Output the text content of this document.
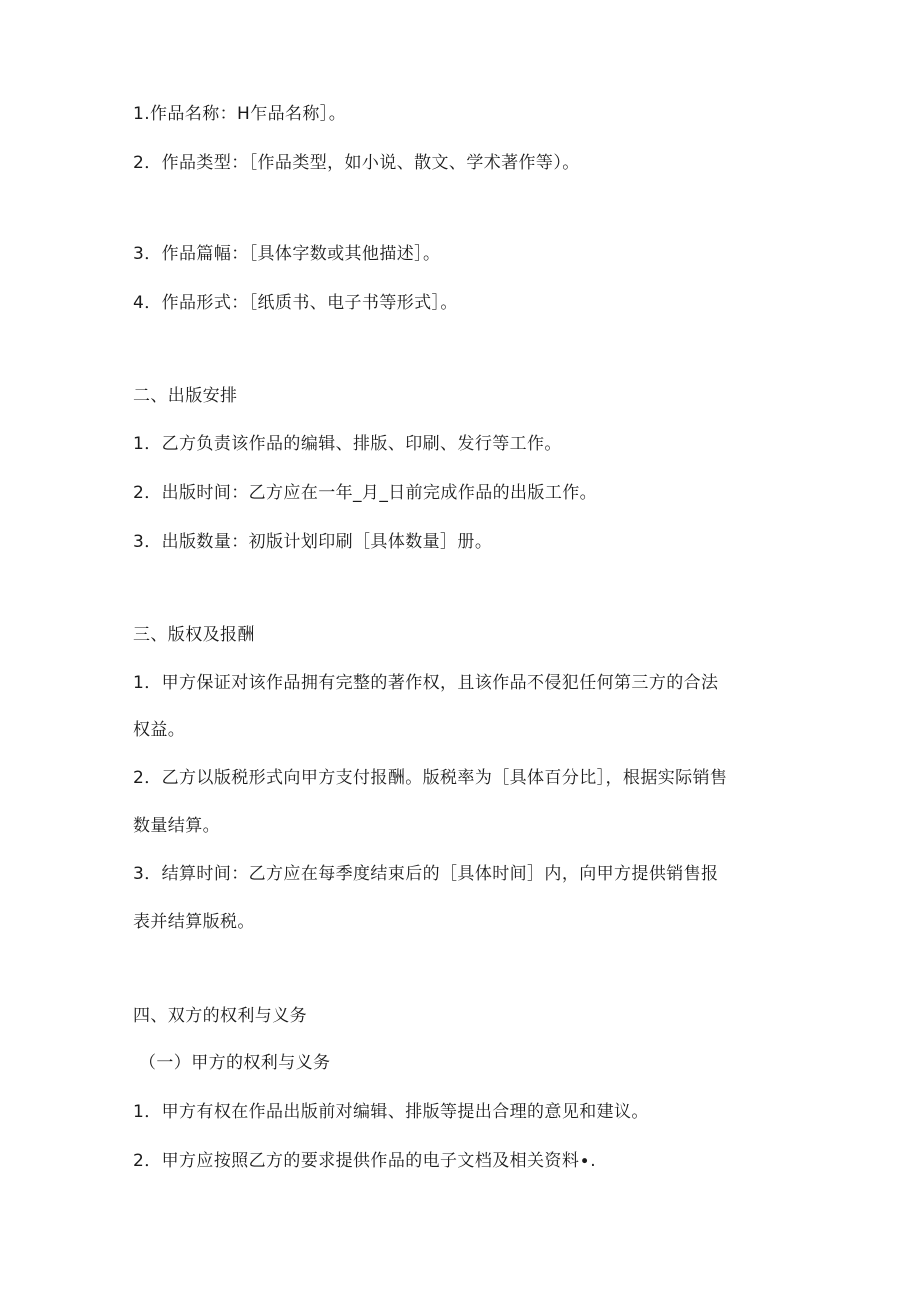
1.作品名称：H乍品名称］。
2．作品类型：［作品类型，如小说、散文、学术著作等）。
3．作品篇幅：［具体字数或其他描述］。
4．作品形式：［纸质书、电子书等形式］。
二、出版安排
1．乙方负责该作品的编辑、排版、印刷、发行等工作。
2．出版时间：乙方应在一年_月_日前完成作品的出版工作。
3．出版数量：初版计划印刷［具体数量］册。
三、版权及报酬
1．甲方保证对该作品拥有完整的著作权，且该作品不侵犯任何第三方的合法
权益。
2．乙方以版税形式向甲方支付报酬。版税率为［具体百分比］，根据实际销售
数量结算。
3．结算时间：乙方应在每季度结束后的［具体时间］内，向甲方提供销售报
表并结算版税。
四、双方的权利与义务
（一）甲方的权利与义务
1．甲方有权在作品出版前对编辑、排版等提出合理的意见和建议。
2．甲方应按照乙方的要求提供作品的电子文档及相关资料∙.
